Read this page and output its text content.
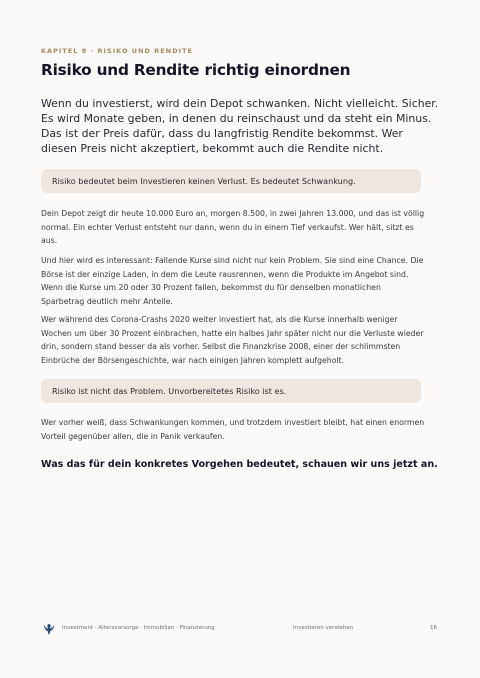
KAPITEL 8 · RISIKO UND RENDITE
Risiko und Rendite richtig einordnen
Wenn du investierst, wird dein Depot schwanken. Nicht vielleicht. Sicher. Es wird Monate geben, in denen du reinschaust und da steht ein Minus. Das ist der Preis dafür, dass du langfristig Rendite bekommst. Wer diesen Preis nicht akzeptiert, bekommt auch die Rendite nicht.
Risiko bedeutet beim Investieren keinen Verlust. Es bedeutet Schwankung.
Dein Depot zeigt dir heute 10.000 Euro an, morgen 8.500, in zwei Jahren 13.000, und das ist völlig normal. Ein echter Verlust entsteht nur dann, wenn du in einem Tief verkaufst. Wer hält, sitzt es aus.
Und hier wird es interessant: Fallende Kurse sind nicht nur kein Problem. Sie sind eine Chance. Die Börse ist der einzige Laden, in dem die Leute rausrennen, wenn die Produkte im Angebot sind. Wenn die Kurse um 20 oder 30 Prozent fallen, bekommst du für denselben monatlichen Sparbetrag deutlich mehr Anteile.
Wer während des Corona-Crashs 2020 weiter investiert hat, als die Kurse innerhalb weniger Wochen um über 30 Prozent einbrachen, hatte ein halbes Jahr später nicht nur die Verluste wieder drin, sondern stand besser da als vorher. Selbst die Finanzkrise 2008, einer der schlimmsten Einbrüche der Börsengeschichte, war nach einigen Jahren komplett aufgeholt.
Risiko ist nicht das Problem. Unvorbereitetes Risiko ist es.
Wer vorher weiß, dass Schwankungen kommen, und trotzdem investiert bleibt, hat einen enormen Vorteil gegenüber allen, die in Panik verkaufen.
Was das für dein konkretes Vorgehen bedeutet, schauen wir uns jetzt an.
Investment · Altersvorsorge · Immobilien · Finanzierung	Investieren verstehen	16
